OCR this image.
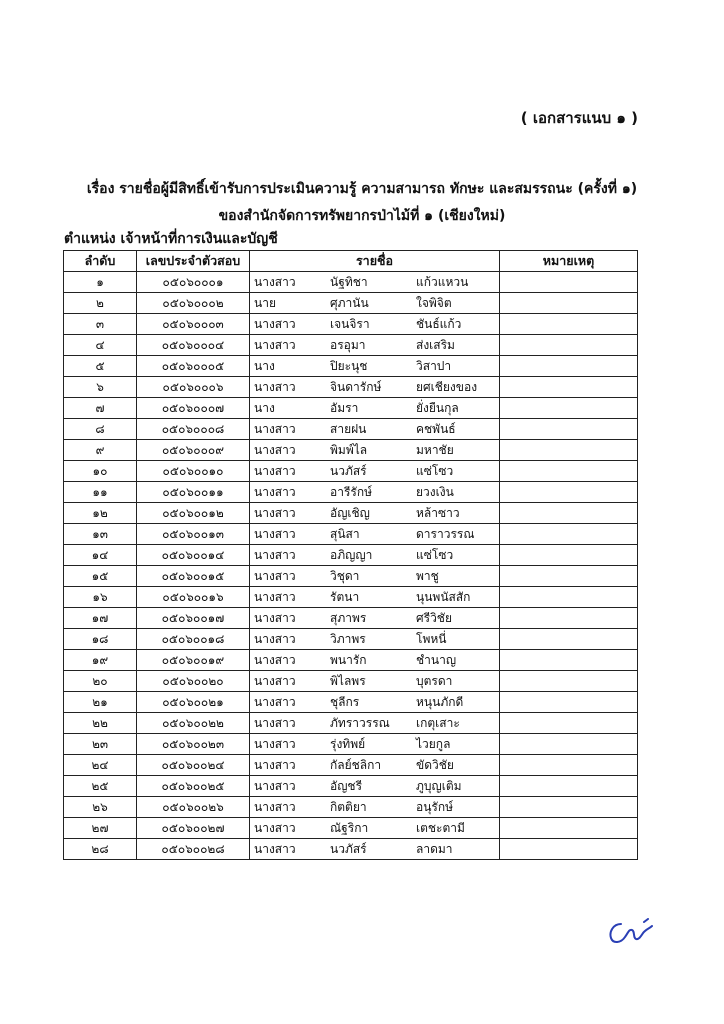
( เอกสารแนบ ๑ )
เรื่อง รายชื่อผู้มีสิทธิ์เข้ารับการประเมินความรู้ ความสามารถ ทักษะ และสมรรถนะ (ครั้งที่ ๑)
ของสำนักจัดการทรัพยากรป่าไม้ที่ ๑ (เชียงใหม่)
ตำแหน่ง เจ้าหน้าที่การเงินและบัญชี
ลำดับ	เลขประจำตัวสอบ	รายชื่อ	หมายเหตุ
๑	๐๕๐๖๐๐๐๑	นางสาว นัฐทิชา แก้วแหวน	
๒	๐๕๐๖๐๐๐๒	นาย ศุภานัน ใจพิจิต	
๓	๐๕๐๖๐๐๐๓	นางสาว เจนจิรา ชันธ์แก้ว	
๔	๐๕๐๖๐๐๐๔	นางสาว อรอุมา ส่งเสริม	
๕	๐๕๐๖๐๐๐๕	นาง ปิยะนุช วิสาปา	
๖	๐๕๐๖๐๐๐๖	นางสาว จินดารักษ์ ยศเชียงของ	
๗	๐๕๐๖๐๐๐๗	นาง อัมรา ยั่งยืนกุล	
๘	๐๕๐๖๐๐๐๘	นางสาว สายฝน คชพันธ์	
๙	๐๕๐๖๐๐๐๙	นางสาว พิมพ์ไล มหาชัย	
๑๐	๐๕๐๖๐๐๑๐	นางสาว นวภัสร์ แซ่โซว	
๑๑	๐๕๐๖๐๐๑๑	นางสาว อารีรักษ์ ยวงเงิน	
๑๒	๐๕๐๖๐๐๑๒	นางสาว อัญเชิญ หล้าซาว	
๑๓	๐๕๐๖๐๐๑๓	นางสาว สุนิสา ดาราวรรณ	
๑๔	๐๕๐๖๐๐๑๔	นางสาว อภิญญา แซ่โซว	
๑๕	๐๕๐๖๐๐๑๕	นางสาว วิชุดา พาชู	
๑๖	๐๕๐๖๐๐๑๖	นางสาว รัตนา นุนพนัสสัก	
๑๗	๐๕๐๖๐๐๑๗	นางสาว สุภาพร ศรีวิชัย	
๑๘	๐๕๐๖๐๐๑๘	นางสาว วิภาพร โพหนี่	
๑๙	๐๕๐๖๐๐๑๙	นางสาว พนารัก ชำนาญ	
๒๐	๐๕๐๖๐๐๒๐	นางสาว พิไลพร บุตรดา	
๒๑	๐๕๐๖๐๐๒๑	นางสาว ชุลีกร หนุนภักดี	
๒๒	๐๕๐๖๐๐๒๒	นางสาว ภัทราวรรณ เกตุเสาะ	
๒๓	๐๕๐๖๐๐๒๓	นางสาว รุ่งทิพย์ ไวยกูล	
๒๔	๐๕๐๖๐๐๒๔	นางสาว กัลย์ชลิกา ขัดวิชัย	
๒๕	๐๕๐๖๐๐๒๕	นางสาว อัญชรี ภูบุญเติม	
๒๖	๐๕๐๖๐๐๒๖	นางสาว กิตติยา อนุรักษ์	
๒๗	๐๕๐๖๐๐๒๗	นางสาว ณัฐริกา เตชะตามี	
๒๘	๐๕๐๖๐๐๒๘	นางสาว นวภัสร์ ลาดมา	
